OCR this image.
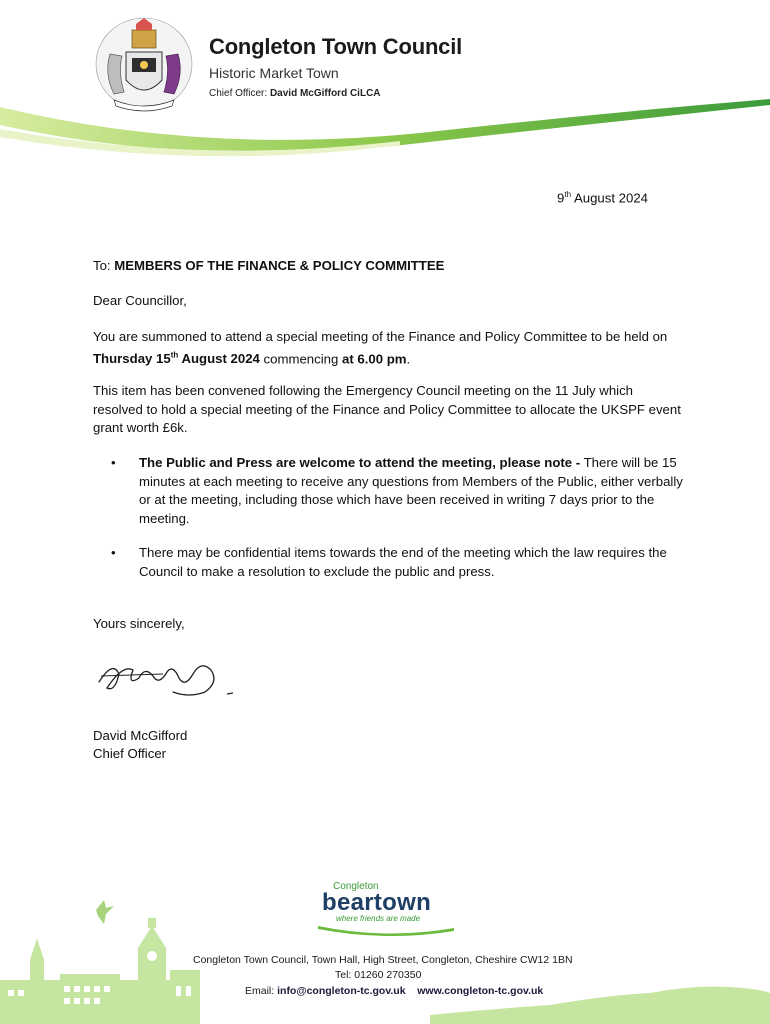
Congleton Town Council
Historic Market Town
Chief Officer: David McGifford CiLCA
9th August 2024
To: MEMBERS OF THE FINANCE & POLICY COMMITTEE
Dear Councillor,
You are summoned to attend a special meeting of the Finance and Policy Committee to be held on Thursday 15th August 2024 commencing at 6.00 pm.
This item has been convened following the Emergency Council meeting on the 11 July which resolved to hold a special meeting of the Finance and Policy Committee to allocate the UKSPF event grant worth £6k.
• The Public and Press are welcome to attend the meeting, please note - There will be 15 minutes at each meeting to receive any questions from Members of the Public, either verbally or at the meeting, including those which have been received in writing 7 days prior to the meeting.
• There may be confidential items towards the end of the meeting which the law requires the Council to make a resolution to exclude the public and press.
Yours sincerely,
David McGifford
Chief Officer
Congleton
beartown
where friends are made
Congleton Town Council, Town Hall, High Street, Congleton, Cheshire CW12 1BN
Tel: 01260 270350
Email: info@congleton-tc.gov.uk www.congleton-tc.gov.uk
